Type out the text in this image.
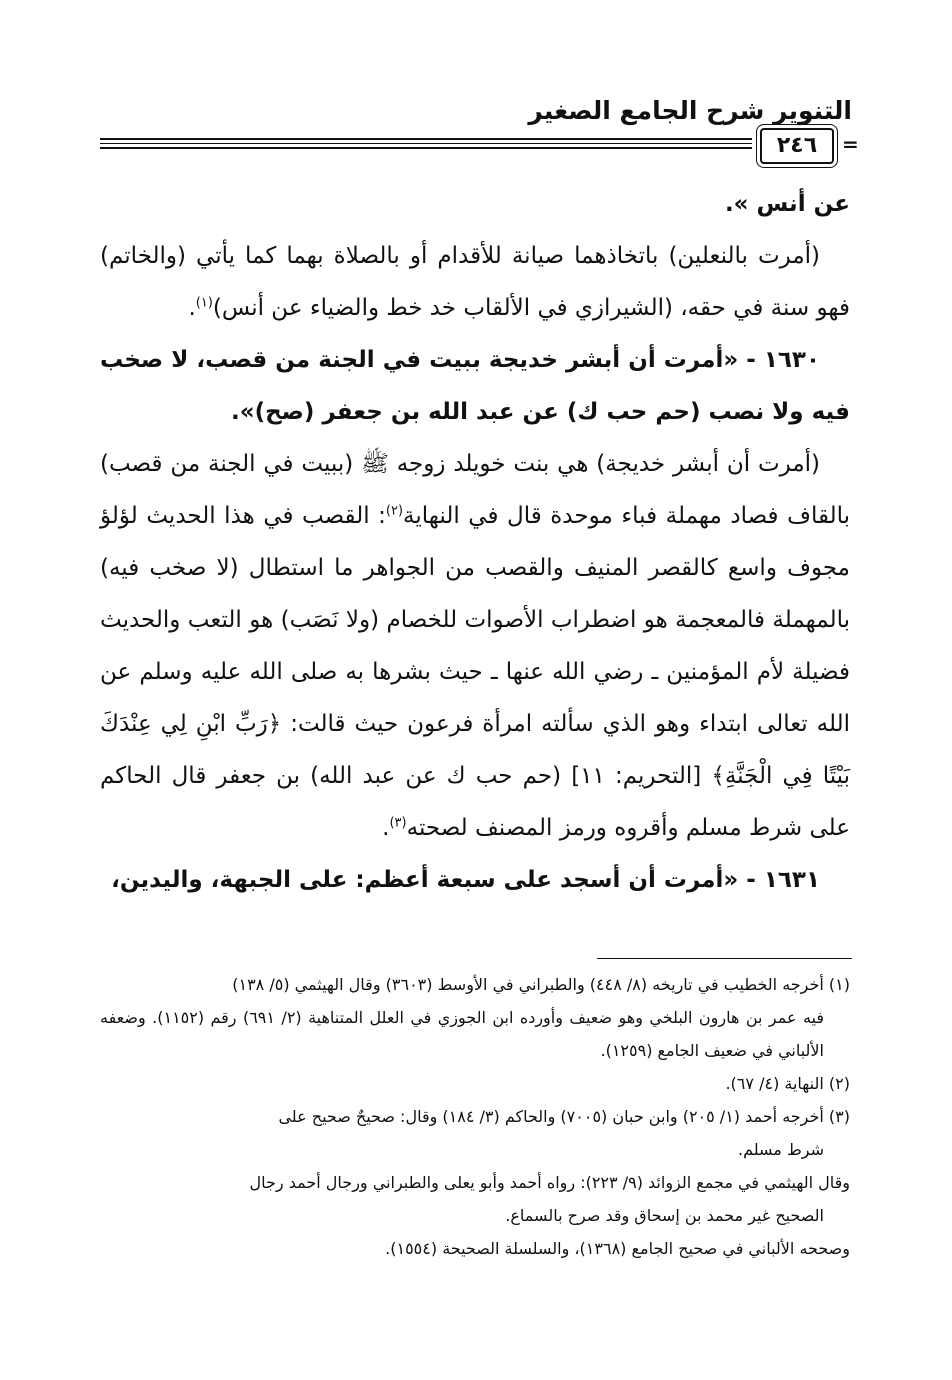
التنوير شرح الجامع الصغير
٢٤٦	=

عن أنس ».

(أمرت بالنعلين) باتخاذهما صيانة للأقدام أو بالصلاة بهما كما يأتي (والخاتم) فهو سنة في حقه، (الشيرازي في الألقاب خد خط والضياء عن أنس)$^{(١)}$.

١٦٣٠ - «أمرت أن أبشر خديجة ببيت في الجنة من قصب، لا صخب فيه ولا نصب (حم حب ك) عن عبد الله بن جعفر (صح)».

(أمرت أن أبشر خديجة) هي بنت خويلد زوجه ﷺ (ببيت في الجنة من قصب) بالقاف فصاد مهملة فباء موحدة قال في النهاية$^{(٢)}$: القصب في هذا الحديث لؤلؤ مجوف واسع كالقصر المنيف والقصب من الجواهر ما استطال (لا صخب فيه) بالمهملة فالمعجمة هو اضطراب الأصوات للخصام (ولا نَصَب) هو التعب والحديث فضيلة لأم المؤمنين ـ رضي الله عنها ـ حيث بشرها به صلى الله عليه وسلم عن الله تعالى ابتداء وهو الذي سألته امرأة فرعون حيث قالت: ﴿رَبِّ ابْنِ لِي عِنْدَكَ بَيْتًا فِي الْجَنَّةِ﴾ [التحريم: ١١] (حم حب ك عن عبد الله) بن جعفر قال الحاكم على شرط مسلم وأقروه ورمز المصنف لصحته$^{(٣)}$.

١٦٣١ - «أمرت أن أسجد على سبعة أعظم: على الجبهة، واليدين،

(١) أخرجه الخطيب في تاريخه (٨/ ٤٤٨) والطبراني في الأوسط (٣٦٠٣) وقال الهيثمي (٥/ ١٣٨)

فيه عمر بن هارون البلخي وهو ضعيف وأورده ابن الجوزي في العلل المتناهية (٢/ ٦٩١) رقم (١١٥٢). وضعفه الألباني في ضعيف الجامع (١٢٥٩).

(٢) النهاية (٤/ ٦٧).

(٣) أخرجه أحمد (١/ ٢٠٥) وابن حبان (٧٠٠٥) والحاكم (٣/ ١٨٤) وقال: صحيحٌ صحيح على

شرط مسلم.

وقال الهيثمي في مجمع الزوائد (٩/ ٢٢٣): رواه أحمد وأبو يعلى والطبراني ورجال أحمد رجال

الصحيح غير محمد بن إسحاق وقد صرح بالسماع.

وصححه الألباني في صحيح الجامع (١٣٦٨)، والسلسلة الصحيحة (١٥٥٤).
